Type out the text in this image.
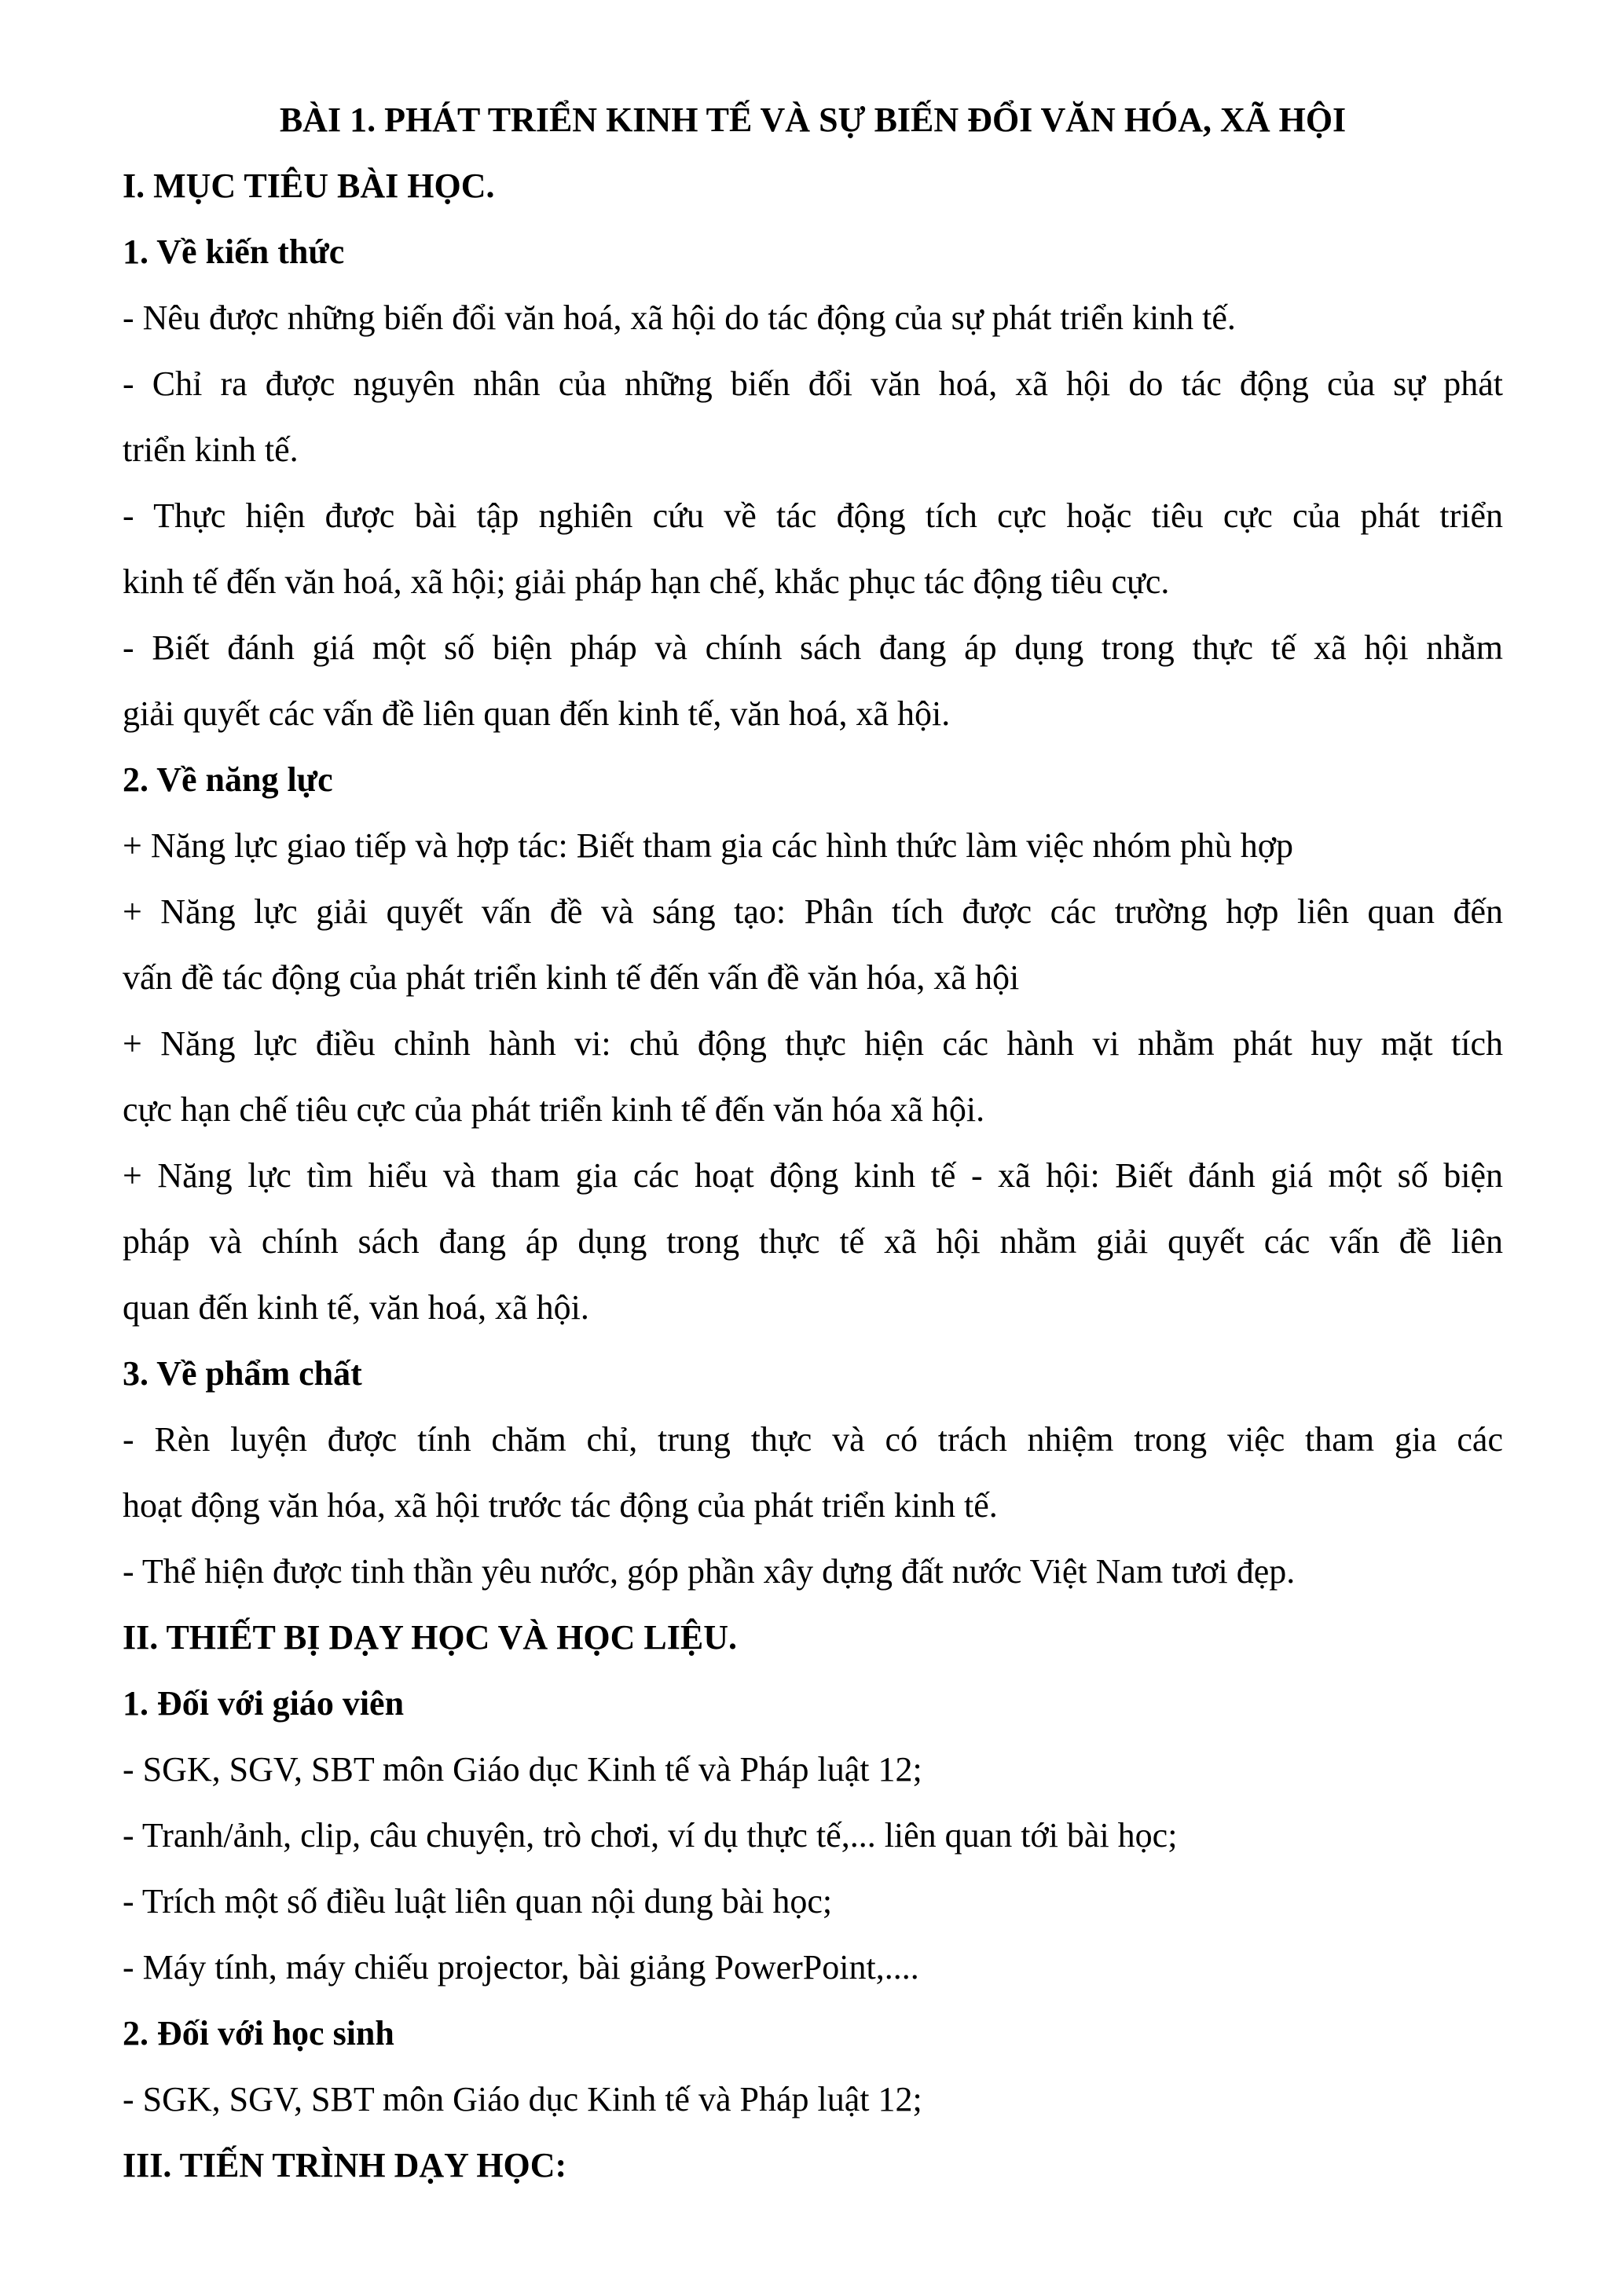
BÀI 1. PHÁT TRIỂN KINH TẾ VÀ SỰ BIẾN ĐỔI VĂN HÓA, XÃ HỘI
I. MỤC TIÊU BÀI HỌC.
1. Về kiến thức
- Nêu được những biến đổi văn hoá, xã hội do tác động của sự phát triển kinh tế.
- Chỉ ra được nguyên nhân của những biến đổi văn hoá, xã hội do tác động của sự phát
triển kinh tế.
- Thực hiện được bài tập nghiên cứu về tác động tích cực hoặc tiêu cực của phát triển
kinh tế đến văn hoá, xã hội; giải pháp hạn chế, khắc phục tác động tiêu cực.
- Biết đánh giá một số biện pháp và chính sách đang áp dụng trong thực tế xã hội nhằm
giải quyết các vấn đề liên quan đến kinh tế, văn hoá, xã hội.
2. Về năng lực
+ Năng lực giao tiếp và hợp tác: Biết tham gia các hình thức làm việc nhóm phù hợp
+ Năng lực giải quyết vấn đề và sáng tạo: Phân tích được các trường hợp liên quan đến
vấn đề tác động của phát triển kinh tế đến vấn đề văn hóa, xã hội
+ Năng lực điều chỉnh hành vi: chủ động thực hiện các hành vi nhằm phát huy mặt tích
cực hạn chế tiêu cực của phát triển kinh tế đến văn hóa xã hội.
+ Năng lực tìm hiểu và tham gia các hoạt động kinh tế - xã hội: Biết đánh giá một số biện
pháp và chính sách đang áp dụng trong thực tế xã hội nhằm giải quyết các vấn đề liên
quan đến kinh tế, văn hoá, xã hội.
3. Về phẩm chất
- Rèn luyện được tính chăm chỉ, trung thực và có trách nhiệm trong việc tham gia các
hoạt động văn hóa, xã hội trước tác động của phát triển kinh tế.
- Thể hiện được tinh thần yêu nước, góp phần xây dựng đất nước Việt Nam tươi đẹp.
II. THIẾT BỊ DẠY HỌC VÀ HỌC LIỆU.
1. Đối với giáo viên
- SGK, SGV, SBT môn Giáo dục Kinh tế và Pháp luật 12;
- Tranh/ảnh, clip, câu chuyện, trò chơi, ví dụ thực tế,... liên quan tới bài học;
- Trích một số điều luật liên quan nội dung bài học;
- Máy tính, máy chiếu projector, bài giảng PowerPoint,....
2. Đối với học sinh
- SGK, SGV, SBT môn Giáo dục Kinh tế và Pháp luật 12;
III. TIẾN TRÌNH DẠY HỌC:
